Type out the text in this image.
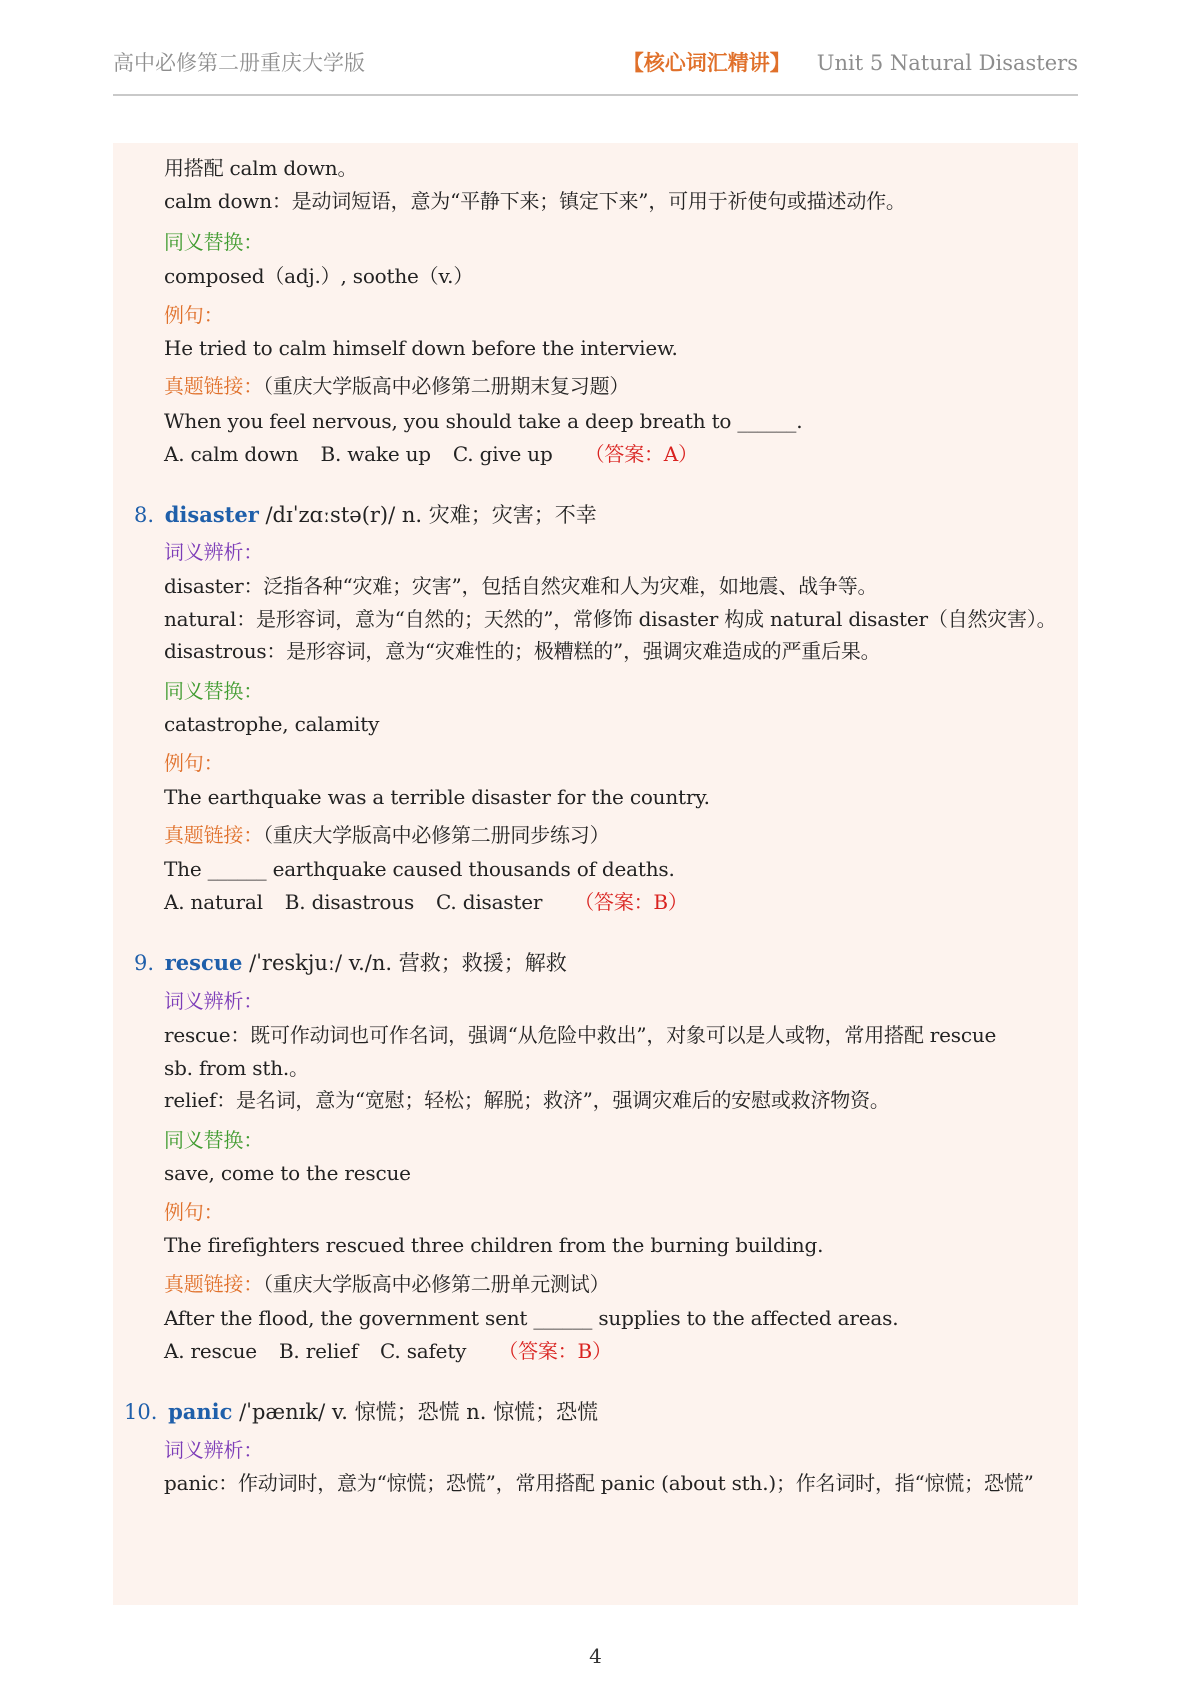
高中必修第二册重庆大学版	【核心词汇精讲】 Unit 5 Natural Disasters
用搭配 calm down。
calm down：是动词短语，意为“平静下来；镇定下来”，可用于祈使句或描述动作。
同义替换：
composed（adj.）, soothe（v.）
例句：
He tried to calm himself down before the interview.
真题链接：（重庆大学版高中必修第二册期末复习题）
When you feel nervous, you should take a deep breath to ______.
A. calm down B. wake up C. give up （答案：A）
8. disaster /dɪˈzɑːstə(r)/ n. 灾难；灾害；不幸
词义辨析：
disaster：泛指各种“灾难；灾害”，包括自然灾难和人为灾难，如地震、战争等。
natural：是形容词，意为“自然的；天然的”，常修饰 disaster 构成 natural disaster（自然灾害）。
disastrous：是形容词，意为“灾难性的；极糟糕的”，强调灾难造成的严重后果。
同义替换：
catastrophe, calamity
例句：
The earthquake was a terrible disaster for the country.
真题链接：（重庆大学版高中必修第二册同步练习）
The ______ earthquake caused thousands of deaths.
A. natural B. disastrous C. disaster （答案：B）
9. rescue /ˈreskjuː/ v./n. 营救；救援；解救
词义辨析：
rescue：既可作动词也可作名词，强调“从危险中救出”，对象可以是人或物，常用搭配 rescue
sb. from sth.。
relief：是名词，意为“宽慰；轻松；解脱；救济”，强调灾难后的安慰或救济物资。
同义替换：
save, come to the rescue
例句：
The firefighters rescued three children from the burning building.
真题链接：（重庆大学版高中必修第二册单元测试）
After the flood, the government sent ______ supplies to the affected areas.
A. rescue B. relief C. safety （答案：B）
10. panic /ˈpænɪk/ v. 惊慌；恐慌 n. 惊慌；恐慌
词义辨析：
panic：作动词时，意为“惊慌；恐慌”，常用搭配 panic (about sth.)；作名词时，指“惊慌；恐慌”
4
